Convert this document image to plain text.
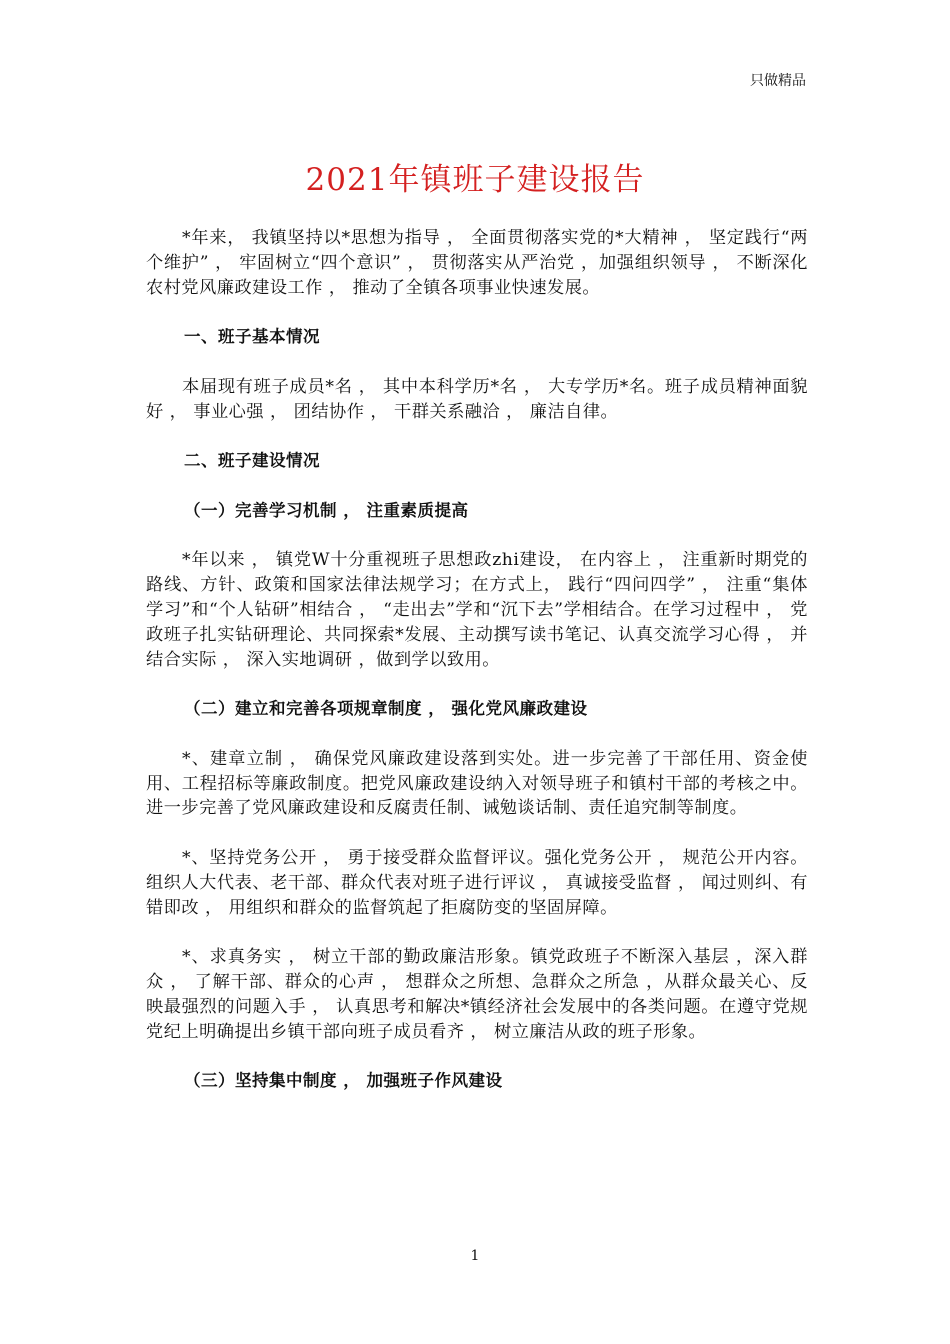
只做精品
2021年镇班子建设报告

*年来， 我镇坚持以*思想为指导 ， 全面贯彻落实党的*大精神 ， 坚定践行“两个维护” ， 牢固树立“四个意识” ， 贯彻落实从严治党 ，加强组织领导 ， 不断深化农村党风廉政建设工作 ， 推动了全镇各项事业快速发展。

一、班子基本情况

本届现有班子成员*名 ， 其中本科学历*名 ， 大专学历*名。班子成员精神面貌好 ， 事业心强 ， 团结协作 ， 干群关系融洽 ， 廉洁自律。

二、班子建设情况

（一）完善学习机制 ， 注重素质提高

*年以来 ， 镇党W十分重视班子思想政zhi建设， 在内容上 ， 注重新时期党的路线、方针、政策和国家法律法规学习；在方式上， 践行“四问四学” ， 注重“集体学习”和“个人钻研”相结合 ， “走出去”学和“沉下去”学相结合。在学习过程中 ， 党政班子扎实钻研理论、共同探索*发展、主动撰写读书笔记、认真交流学习心得 ， 并结合实际 ， 深入实地调研 ，做到学以致用。

（二）建立和完善各项规章制度 ， 强化党风廉政建设

*、建章立制 ， 确保党风廉政建设落到实处。进一步完善了干部任用、资金使用、工程招标等廉政制度。把党风廉政建设纳入对领导班子和镇村干部的考核之中。进一步完善了党风廉政建设和反腐责任制、诫勉谈话制、责任追究制等制度。

*、坚持党务公开 ， 勇于接受群众监督评议。强化党务公开 ， 规范公开内容。组织人大代表、老干部、群众代表对班子进行评议 ， 真诚接受监督 ， 闻过则纠、有错即改 ， 用组织和群众的监督筑起了拒腐防变的坚固屏障。

*、求真务实 ， 树立干部的勤政廉洁形象。镇党政班子不断深入基层 ，深入群众 ， 了解干部、群众的心声 ， 想群众之所想、急群众之所急 ，从群众最关心、反映最强烈的问题入手 ， 认真思考和解决*镇经济社会发展中的各类问题。在遵守党规党纪上明确提出乡镇干部向班子成员看齐 ， 树立廉洁从政的班子形象。

（三）坚持集中制度 ， 加强班子作风建设

1
